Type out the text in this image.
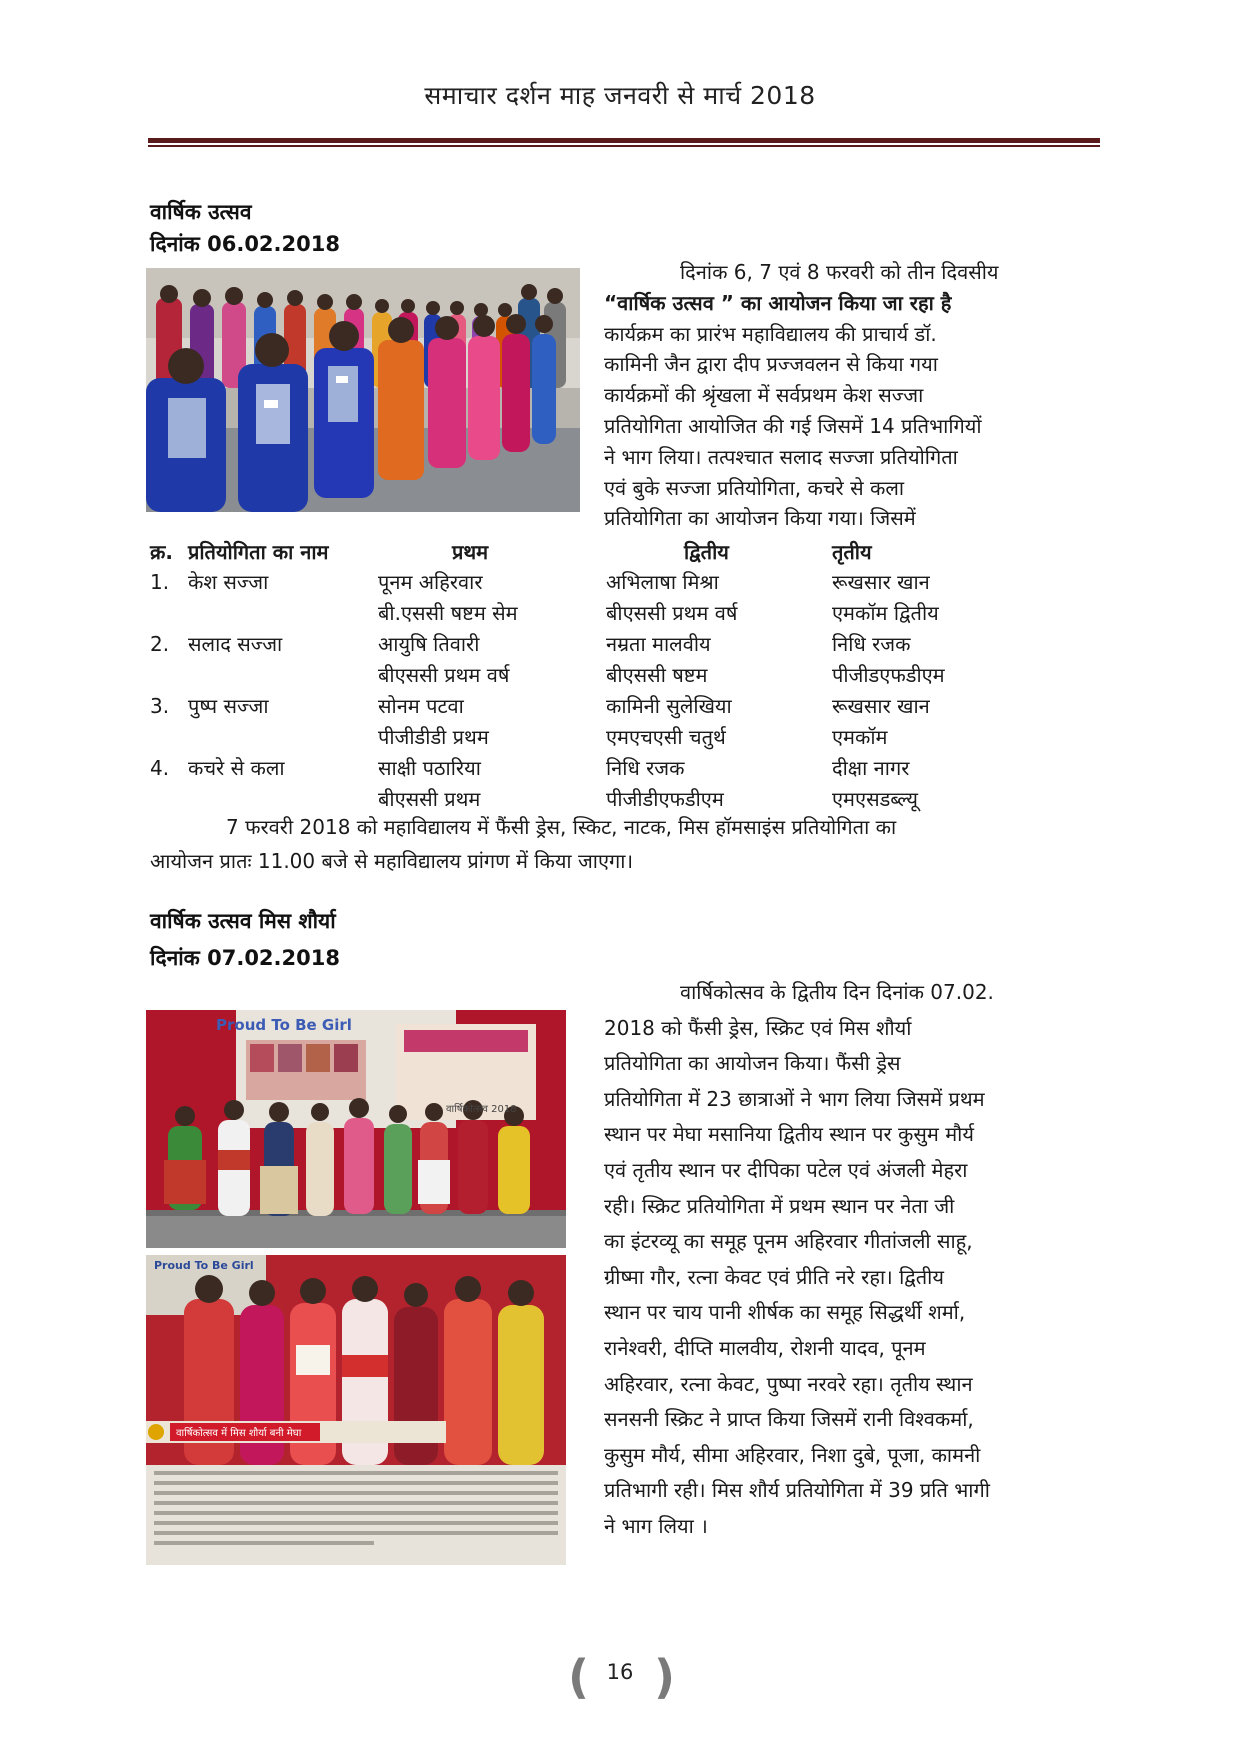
समाचार दर्शन माह जनवरी से मार्च 2018
वार्षिक उत्सव
दिनांक 06.02.2018
दिनांक 6, 7 एवं 8 फरवरी को तीन दिवसीय
“वार्षिक उत्सव ” का आयोजन किया जा रहा है
कार्यक्रम का प्रारंभ महाविद्यालय की प्राचार्य डॉ.
कामिनी जैन द्वारा दीप प्रज्जवलन से किया गया
कार्यक्रमों की श्रृंखला में सर्वप्रथम केश सज्जा
प्रतियोगिता आयोजित की गई जिसमें 14 प्रतिभागियों
ने भाग लिया। तत्पश्चात सलाद सज्जा प्रतियोगिता
एवं बुके सज्जा प्रतियोगिता, कचरे से कला
प्रतियोगिता का आयोजन किया गया। जिसमें
क्र.	प्रतियोगिता का नाम	प्रथम	द्वितीय	तृतीय
1.	केश सज्जा	पूनम अहिरवार	अभिलाषा मिश्रा	रूखसार खान
		बी.एससी षष्टम सेम	बीएससी प्रथम वर्ष	एमकॉम द्वितीय
2.	सलाद सज्जा	आयुषि तिवारी	नम्रता मालवीय	निधि रजक
		बीएससी प्रथम वर्ष	बीएससी षष्टम	पीजीडएफडीएम
3.	पुष्प सज्जा	सोनम पटवा	कामिनी सुलेखिया	रूखसार खान
		पीजीडीडी प्रथम	एमएचएसी चतुर्थ	एमकॉम
4.	कचरे से कला	साक्षी पठारिया	निधि रजक	दीक्षा नागर
		बीएससी प्रथम	पीजीडीएफडीएम	एमएसडब्ल्यू
7 फरवरी 2018 को महाविद्यालय में फैंसी ड्रेस, स्किट, नाटक, मिस हॉमसाइंस प्रतियोगिता का
आयोजन प्रातः 11.00 बजे से महाविद्यालय प्रांगण में किया जाएगा।
वार्षिक उत्सव मिस शौर्या
दिनांक 07.02.2018
Proud To Be Girl
वार्षिकोत्सव 2018
वार्षिकोत्सव में मिस शौर्या बनी मेघा
Proud To Be Girl
वार्षिकोत्सव के द्वितीय दिन दिनांक 07.02.
2018 को फैंसी ड्रेस, स्क्रिट एवं मिस शौर्या
प्रतियोगिता का आयोजन किया। फैंसी ड्रेस
प्रतियोगिता में 23 छात्राओं ने भाग लिया जिसमें प्रथम
स्थान पर मेघा मसानिया द्वितीय स्थान पर कुसुम मौर्य
एवं तृतीय स्थान पर दीपिका पटेल एवं अंजली मेहरा
रही। स्क्रिट प्रतियोगिता में प्रथम स्थान पर नेता जी
का इंटरव्यू का समूह पूनम अहिरवार गीतांजली साहू,
ग्रीष्मा गौर, रत्ना केवट एवं प्रीति नरे रहा। द्वितीय
स्थान पर चाय पानी शीर्षक का समूह सिद्धर्थी शर्मा,
रानेश्वरी, दीप्ति मालवीय, रोशनी यादव, पूनम
अहिरवार, रत्ना केवट, पुष्पा नरवरे रहा। तृतीय स्थान
सनसनी स्क्रिट ने प्राप्त किया जिसमें रानी विश्वकर्मा,
कुसुम मौर्य, सीमा अहिरवार, निशा दुबे, पूजा, कामनी
प्रतिभागी रही। मिस शौर्य प्रतियोगिता में 39 प्रति भागी
ने भाग लिया ।
( 16 )
